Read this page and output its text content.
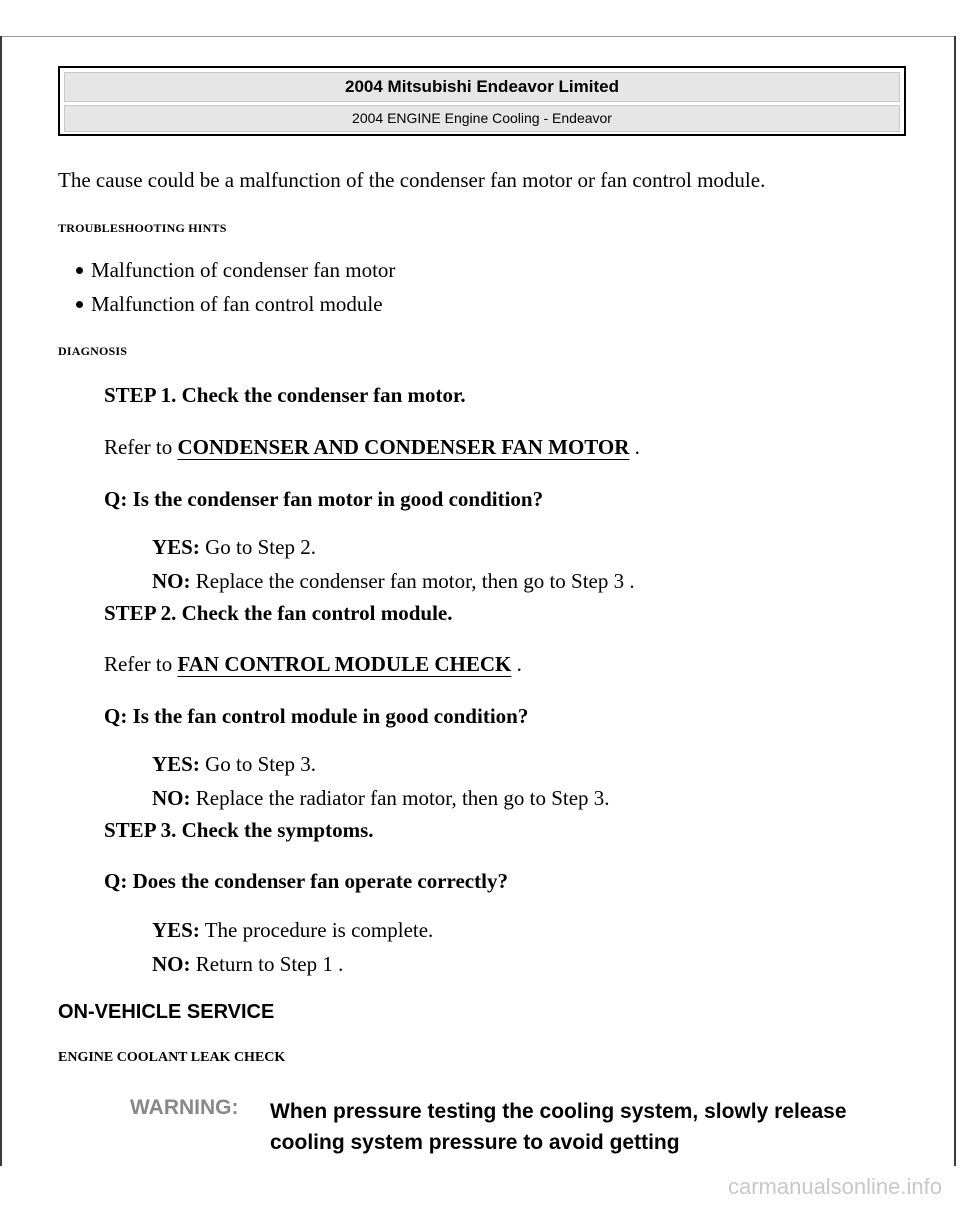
2004 Mitsubishi Endeavor Limited
2004 ENGINE Engine Cooling - Endeavor
The cause could be a malfunction of the condenser fan motor or fan control module.
TROUBLESHOOTING HINTS
Malfunction of condenser fan motor
Malfunction of fan control module
DIAGNOSIS
STEP 1. Check the condenser fan motor.
Refer to CONDENSER AND CONDENSER FAN MOTOR .
Q: Is the condenser fan motor in good condition?
YES: Go to Step 2.
NO: Replace the condenser fan motor, then go to Step 3 .
STEP 2. Check the fan control module.
Refer to FAN CONTROL MODULE CHECK .
Q: Is the fan control module in good condition?
YES: Go to Step 3.
NO: Replace the radiator fan motor, then go to Step 3.
STEP 3. Check the symptoms.
Q: Does the condenser fan operate correctly?
YES: The procedure is complete.
NO: Return to Step 1 .
ON-VEHICLE SERVICE
ENGINE COOLANT LEAK CHECK
WARNING: When pressure testing the cooling system, slowly release cooling system pressure to avoid getting
carmanualsonline.info
